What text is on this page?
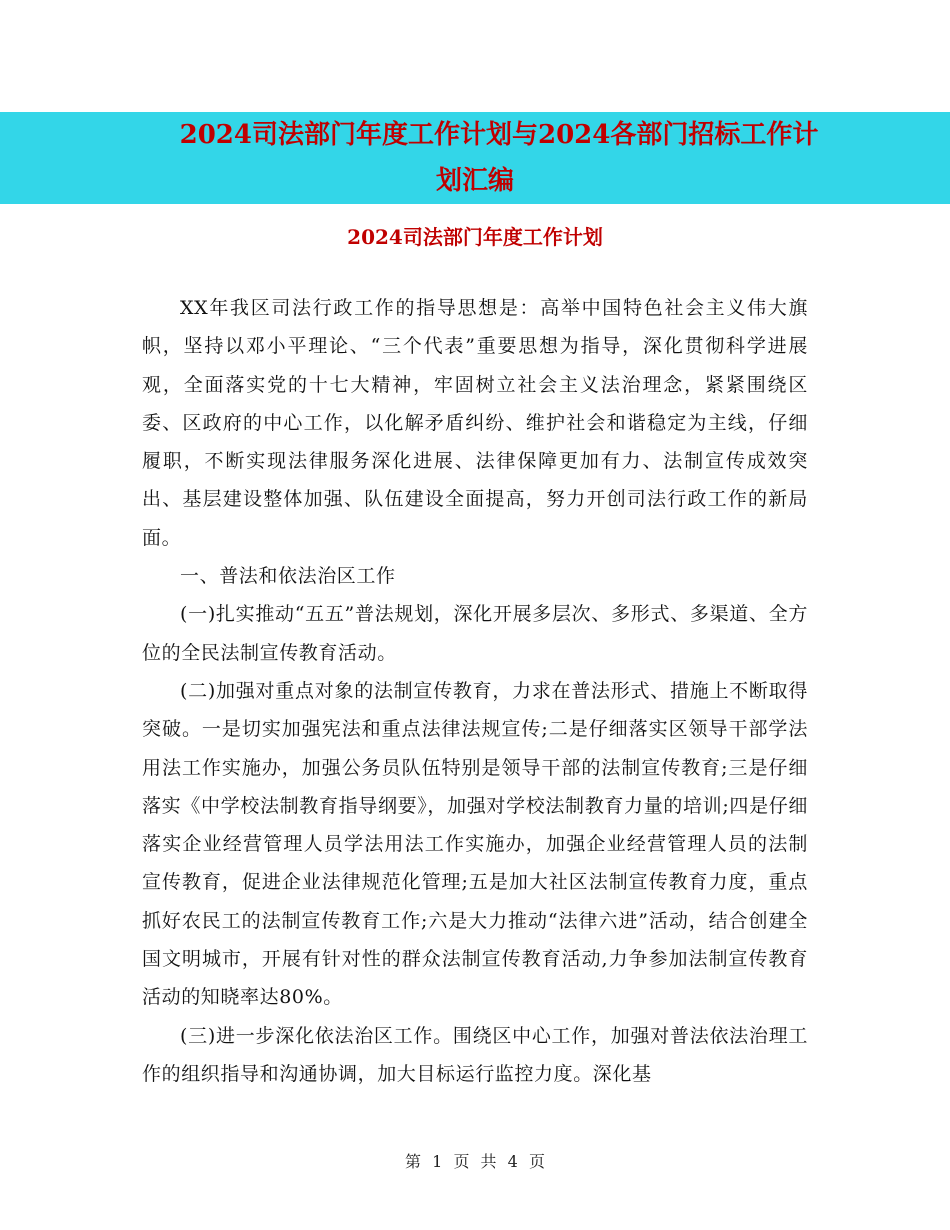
2024司法部门年度工作计划与2024各部门招标工作计
划汇编
2024司法部门年度工作计划

XX年我区司法行政工作的指导思想是：高举中国特色社会主义伟大旗帜，坚持以邓小平理论、“三个代表”重要思想为指导，深化贯彻科学进展观，全面落实党的十七大精神，牢固树立社会主义法治理念，紧紧围绕区委、区政府的中心工作，以化解矛盾纠纷、维护社会和谐稳定为主线，仔细履职，不断实现法律服务深化进展、法律保障更加有力、法制宣传成效突出、基层建设整体加强、队伍建设全面提高，努力开创司法行政工作的新局面。

一、普法和依法治区工作

(一)扎实推动“五五”普法规划，深化开展多层次、多形式、多渠道、全方位的全民法制宣传教育活动。

(二)加强对重点对象的法制宣传教育，力求在普法形式、措施上不断取得突破。一是切实加强宪法和重点法律法规宣传;二是仔细落实区领导干部学法用法工作实施办，加强公务员队伍特别是领导干部的法制宣传教育;三是仔细落实《中学校法制教育指导纲要》，加强对学校法制教育力量的培训;四是仔细落实企业经营管理人员学法用法工作实施办，加强企业经营管理人员的法制宣传教育，促进企业法律规范化管理;五是加大社区法制宣传教育力度，重点抓好农民工的法制宣传教育工作;六是大力推动“法律六进”活动，结合创建全国文明城市，开展有针对性的群众法制宣传教育活动,力争参加法制宣传教育活动的知晓率达80%。

(三)进一步深化依法治区工作。围绕区中心工作，加强对普法依法治理工作的组织指导和沟通协调，加大目标运行监控力度。深化基

第 1 页 共 4 页
